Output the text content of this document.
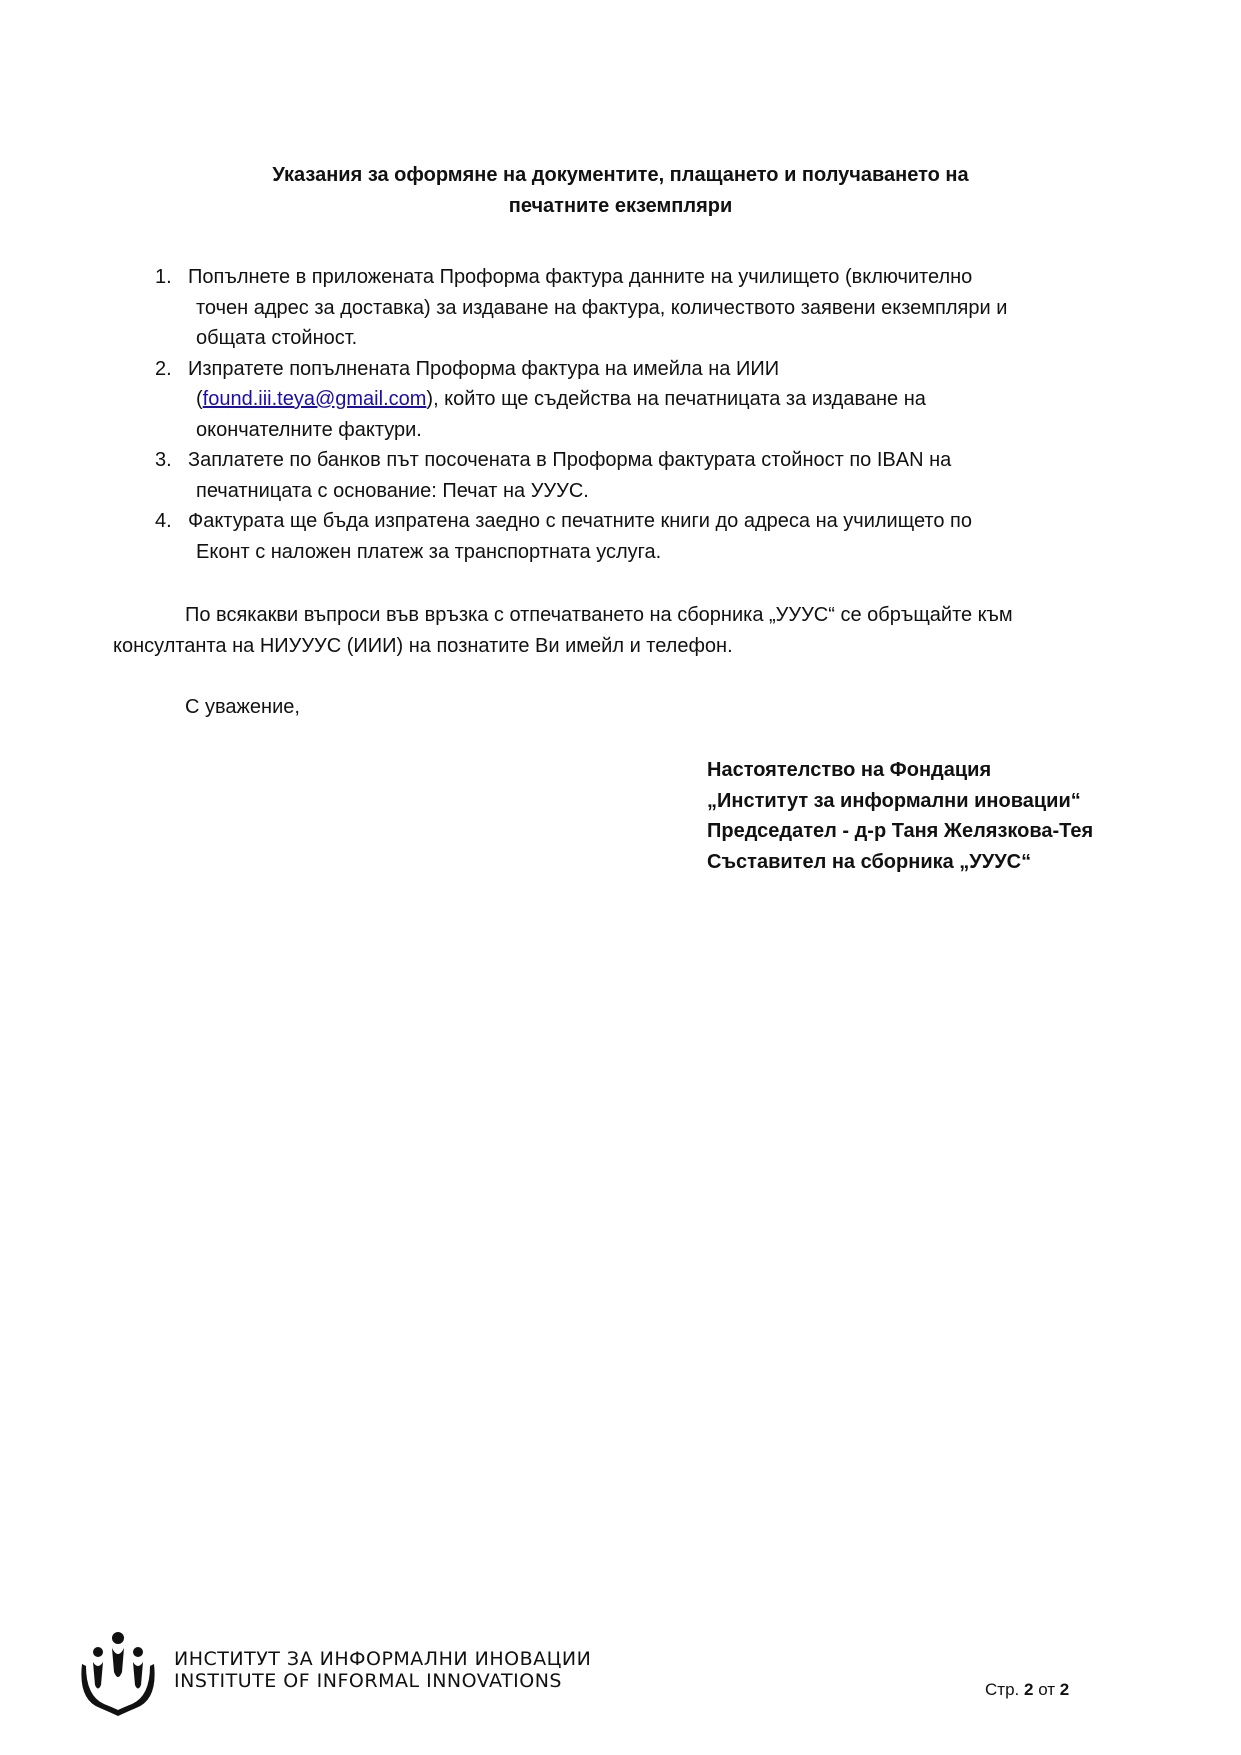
Указания за оформяне на документите, плащането и получаването на
печатните екземпляри
1. Попълнете в приложената Проформа фактура данните на училището (включително
точен адрес за доставка) за издаване на фактура, количеството заявени екземпляри и
общата стойност.
2. Изпратете попълнената Проформа фактура на имейла на ИИИ
(found.iii.teya@gmail.com), който ще съдейства на печатницата за издаване на
окончателните фактури.
3. Заплатете по банков път посочената в Проформа фактурата стойност по IBAN на
печатницата с основание: Печат на УУУС.
4. Фактурата ще бъда изпратена заедно с печатните книги до адреса на училището по
Еконт с наложен платеж за транспортната услуга.
По всякакви въпроси във връзка с отпечатването на сборника „УУУС“ се обръщайте към
консултанта на НИУУУС (ИИИ) на познатите Ви имейл и телефон.
С уважение,
Настоятелство на Фондация
„Институт за информални иновации“
Председател - д-р Таня Желязкова-Тея
Съставител на сборника „УУУС“
ИНСТИТУТ ЗА ИНФОРМАЛНИ ИНОВАЦИИ
INSTITUTE OF INFORMAL INNOVATIONS	Стр. 2 от 2
